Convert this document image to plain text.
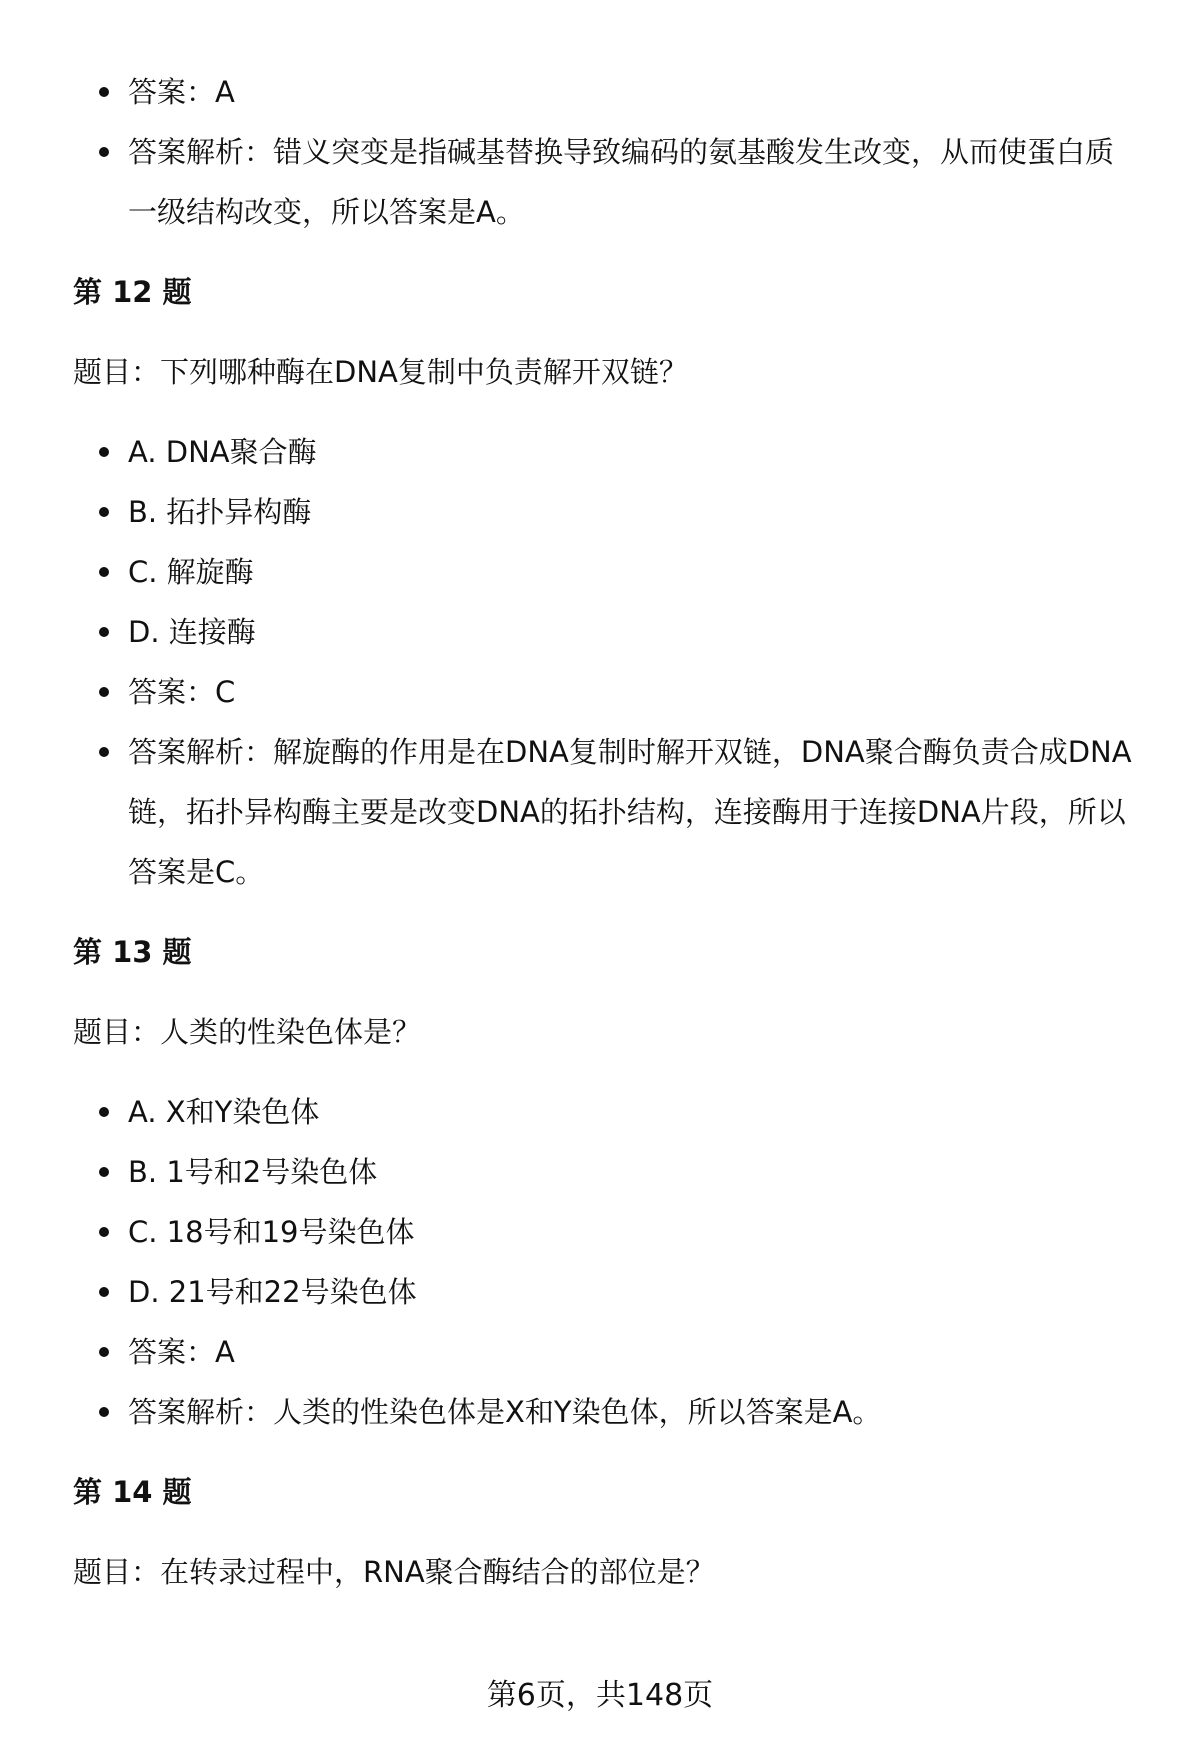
答案：A
答案解析：错义突变是指碱基替换导致编码的氨基酸发生改变，从而使蛋白质一级结构改变，所以答案是A。

第 12 题

题目：下列哪种酶在DNA复制中负责解开双链？

A. DNA聚合酶
B. 拓扑异构酶
C. 解旋酶
D. 连接酶
答案：C
答案解析：解旋酶的作用是在DNA复制时解开双链，DNA聚合酶负责合成DNA链，拓扑异构酶主要是改变DNA的拓扑结构，连接酶用于连接DNA片段，所以答案是C。

第 13 题

题目：人类的性染色体是？

A. X和Y染色体
B. 1号和2号染色体
C. 18号和19号染色体
D. 21号和22号染色体
答案：A
答案解析：人类的性染色体是X和Y染色体，所以答案是A。

第 14 题

题目：在转录过程中，RNA聚合酶结合的部位是？

第6页，共148页
